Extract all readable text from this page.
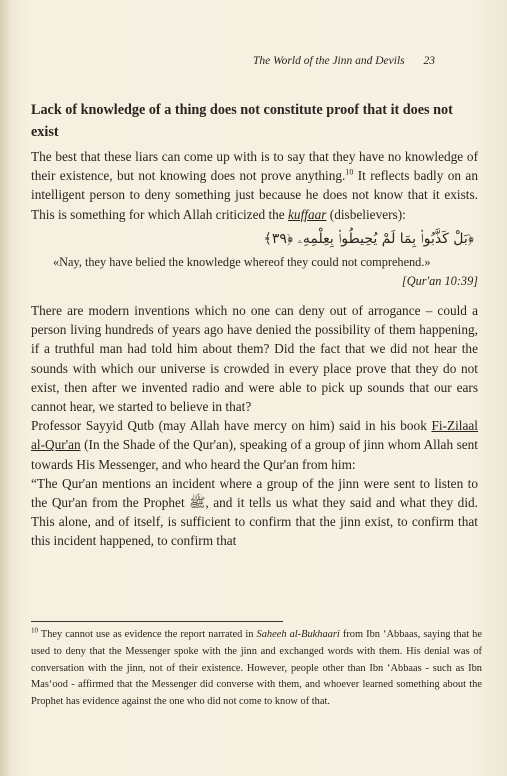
The World of the Jinn and Devils 23
Lack of knowledge of a thing does not constitute proof that it does not exist

The best that these liars can come up with is to say that they have no knowledge of their existence, but not knowing does not prove anything.$^{10}$ It reflects badly on an intelligent person to deny something just because he does not know that it exists. This is something for which Allah criticized the kuffaar (disbelievers):

﴿بَلْ كَذَّبُوا۟ بِمَا لَمْ يُحِيطُوا۟ بِعِلْمِهِۦ ﴿٣٩﴾
«Nay, they have belied the knowledge whereof they could not comprehend.»
[Qur'an 10:39]

There are modern inventions which no one can deny out of arrogance – could a person living hundreds of years ago have denied the possibility of them happening, if a truthful man had told him about them? Did the fact that we did not hear the sounds with which our universe is crowded in every place prove that they do not exist, then after we invented radio and were able to pick up sounds that our ears cannot hear, we started to believe in that?

Professor Sayyid Qutb (may Allah have mercy on him) said in his book Fi-Zilaal al-Qur'an (In the Shade of the Qur'an), speaking of a group of jinn whom Allah sent towards His Messenger, and who heard the Qur'an from him:

“The Qur'an mentions an incident where a group of the jinn were sent to listen to the Qur'an from the Prophet ﷺ, and it tells us what they said and what they did. This alone, and of itself, is sufficient to confirm that the jinn exist, to confirm that this incident happened, to confirm that

$^{10}$ They cannot use as evidence the report narrated in Saheeh al-Bukhaari from Ibn ‘Abbaas, saying that he used to deny that the Messenger spoke with the jinn and exchanged words with them. His denial was of conversation with the jinn, not of their existence. However, people other than Ibn ‘Abbaas - such as Ibn Mas‘ood - affirmed that the Messenger did converse with them, and whoever learned something about the Prophet has evidence against the one who did not come to know of that.
